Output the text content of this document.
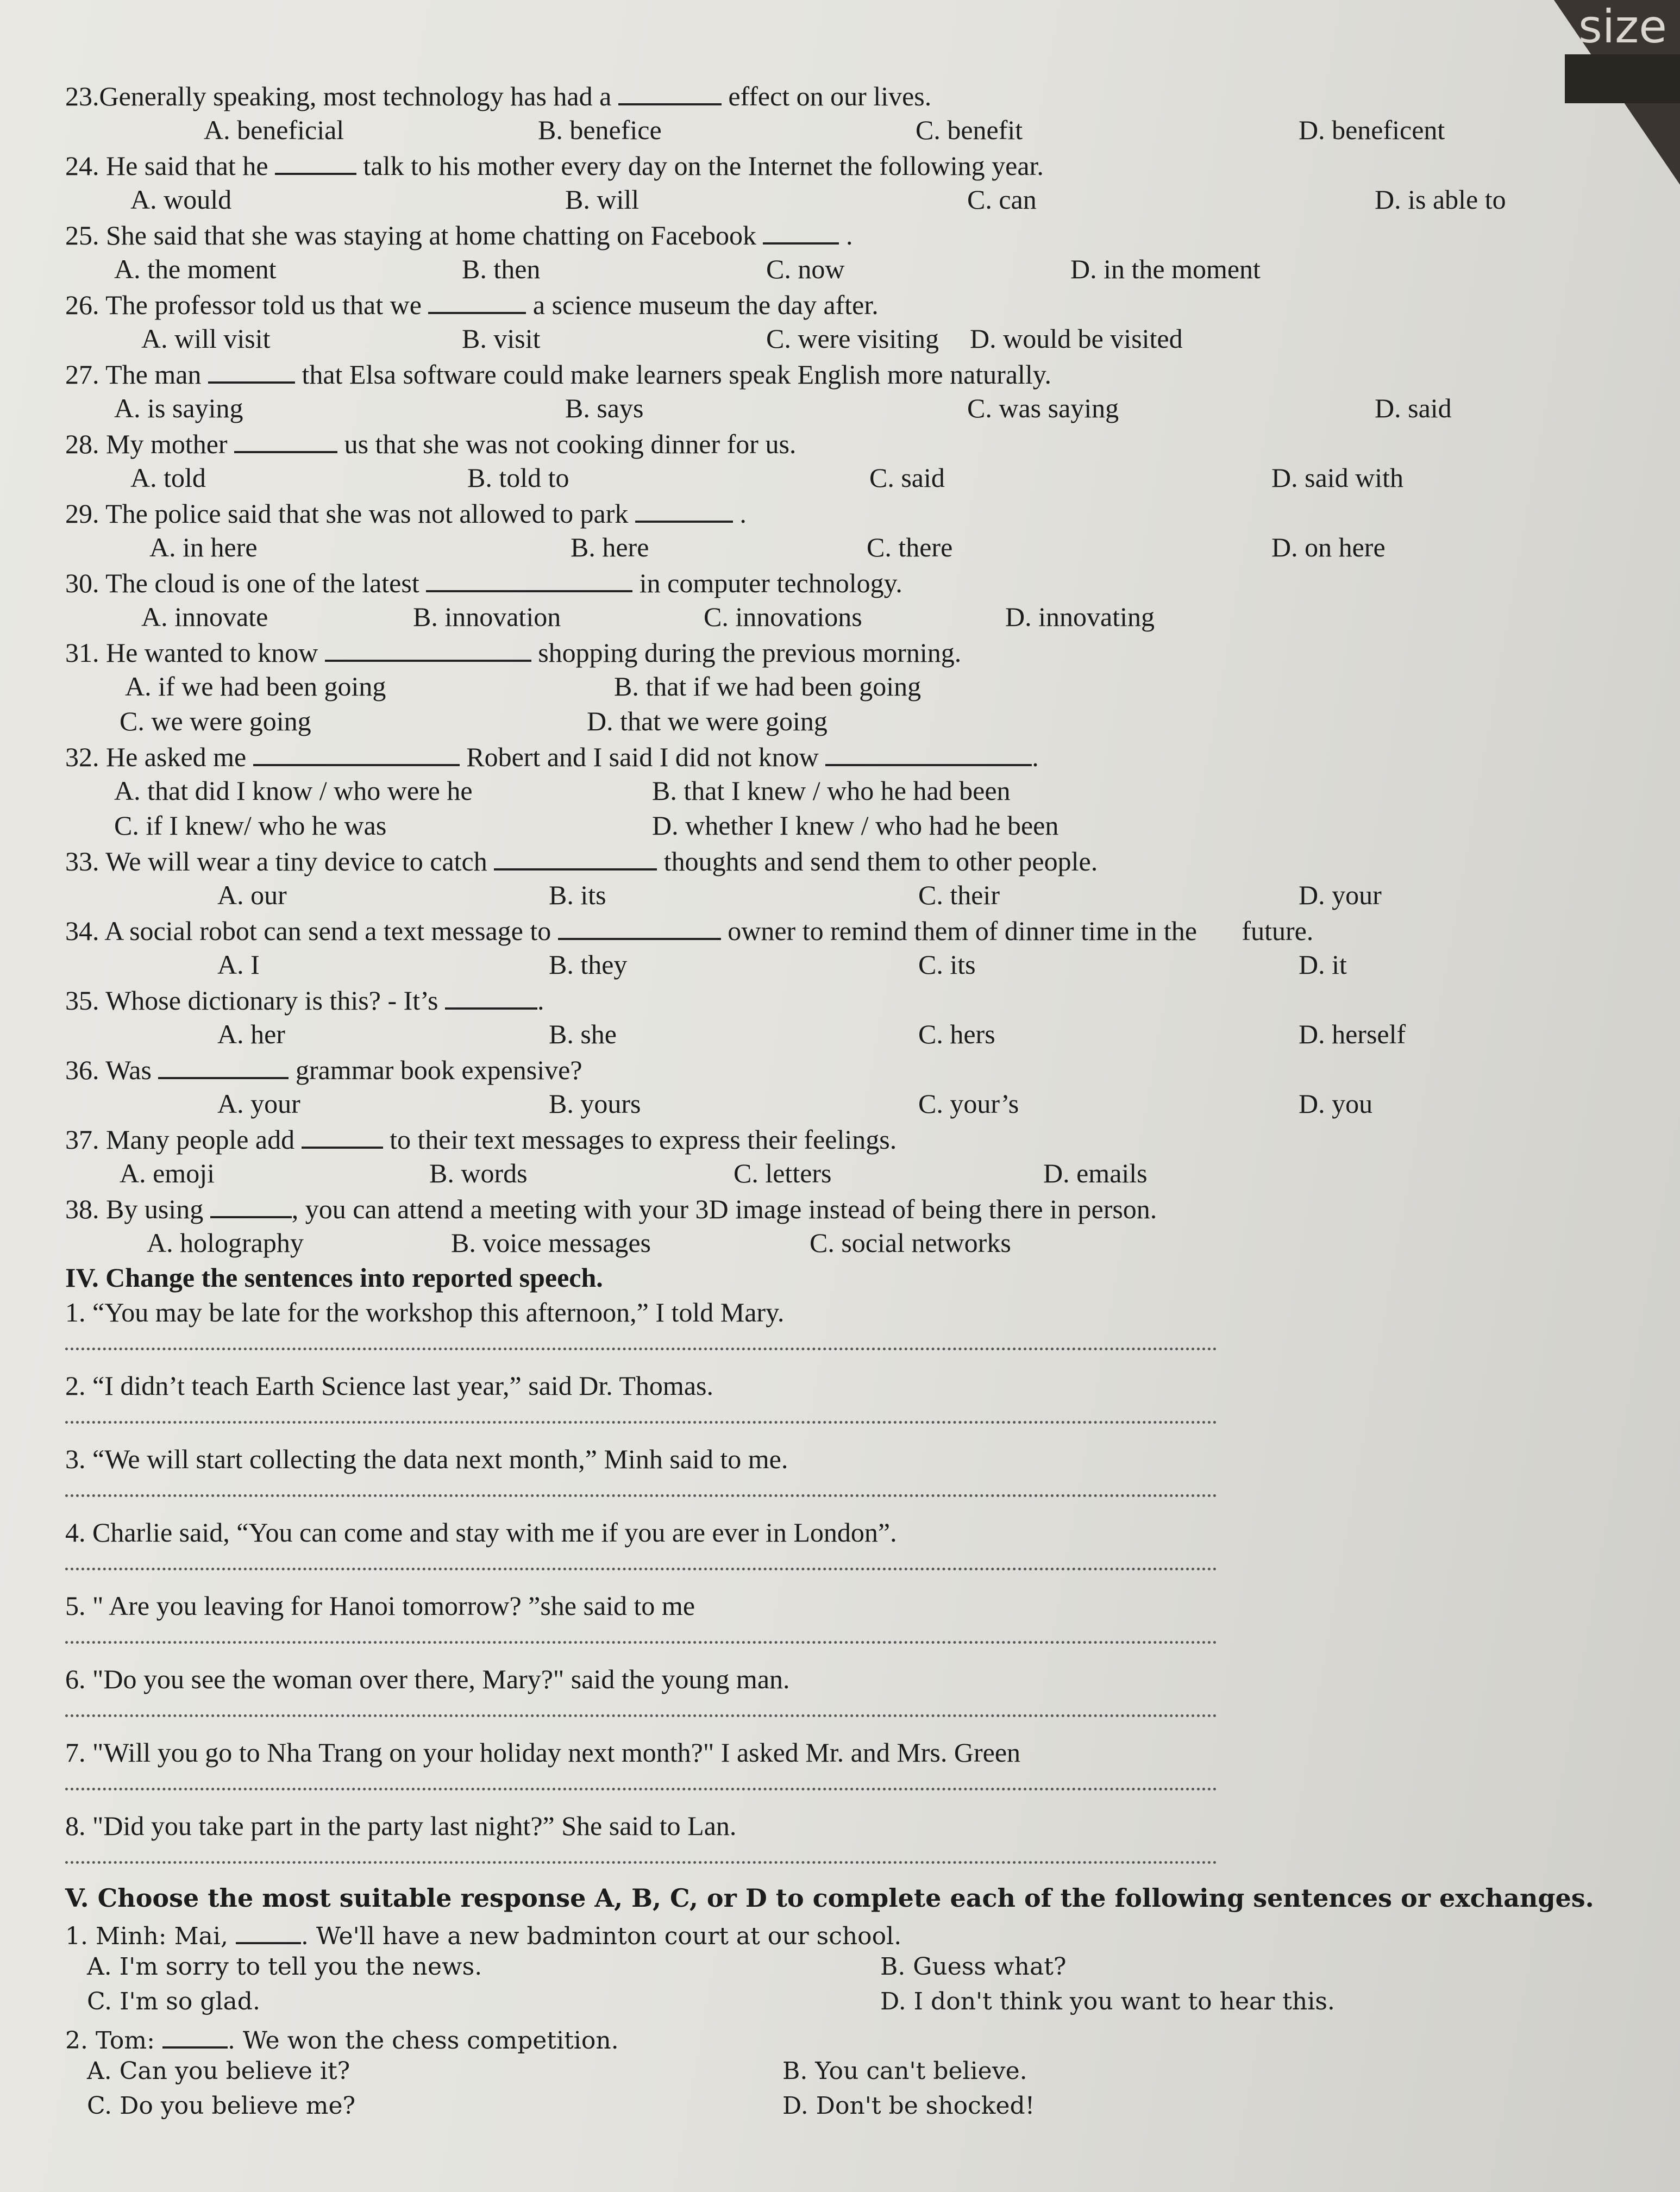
size
23.Generally speaking, most technology has had a	effect on our lives.
A. beneficial	B. benefice	C. benefit	D. beneficent
24. He said that he	talk to his mother every day on the Internet the following year.
A. would	B. will	C. can	D. is able to
25. She said that she was staying at home chatting on Facebook	.
A. the moment	B. then	C. now	D. in the moment
26. The professor told us that we	a science museum the day after.
A. will visit	B. visit	C. were visiting D. would be visited
27. The man	that Elsa software could make learners speak English more naturally.
A. is saying	B. says	C. was saying	D. said
28. My mother	us that she was not cooking dinner for us.
A. told	B. told to	C. said	D. said with
29. The police said that she was not allowed to park	.
A. in here	B. here	C. there	D. on here
30. The cloud is one of the latest	in computer technology.
A. innovate	B. innovation	C. innovations	D. innovating
31. He wanted to know	shopping during the previous morning.
A. if we had been going	B. that if we had been going
C. we were going	D. that we were going
32. He asked me	Robert and I said I did not know	.
A. that did I know / who were he	B. that I knew / who he had been
C. if I knew/ who he was	D. whether I knew / who had he been
33. We will wear a tiny device to catch	thoughts and send them to other people.
A. our	B. its	C. their	D. your
34. A social robot can send a text message to	owner to remind them of dinner time in the future.
A. I	B. they	C. its	D. it
35. Whose dictionary is this? - It’s	.
A. her	B. she	C. hers	D. herself
36. Was	grammar book expensive?
A. your	B. yours	C. your’s	D. you
37. Many people add	to their text messages to express their feelings.
A. emoji	B. words	C. letters	D. emails
38. By using	, you can attend a meeting with your 3D image instead of being there in person.
A. holography	B. voice messages	C. social networks
IV. Change the sentences into reported speech.
1. “You may be late for the workshop this afternoon,” I told Mary.
2. “I didn’t teach Earth Science last year,” said Dr. Thomas.
3. “We will start collecting the data next month,” Minh said to me.
4. Charlie said, “You can come and stay with me if you are ever in London”.
5. " Are you leaving for Hanoi tomorrow? ”she said to me
6. "Do you see the woman over there, Mary?" said the young man.
7. "Will you go to Nha Trang on your holiday next month?" I asked Mr. and Mrs. Green
8. "Did you take part in the party last night?” She said to Lan.
V. Choose the most suitable response A, B, C, or D to complete each of the following sentences or exchanges.
1. Minh: Mai,	. We'll have a new badminton court at our school.
A. I'm sorry to tell you the news.	B. Guess what?
C. I'm so glad.	D. I don't think you want to hear this.
2. Tom:	. We won the chess competition.
A. Can you believe it?	B. You can't believe.
C. Do you believe me?	D. Don't be shocked!
